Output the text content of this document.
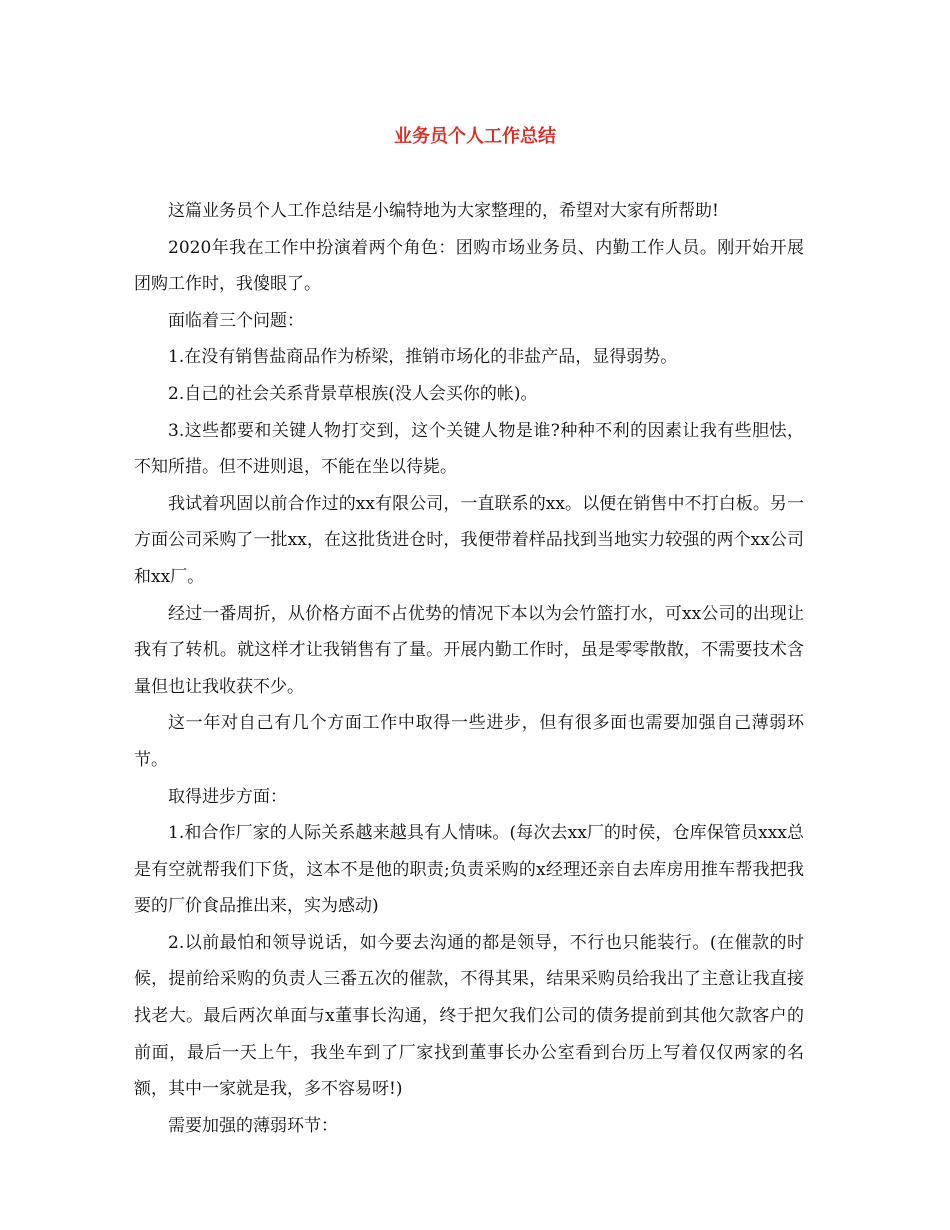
业务员个人工作总结

这篇业务员个人工作总结是小编特地为大家整理的，希望对大家有所帮助!

2020年我在工作中扮演着两个角色：团购市场业务员、内勤工作人员。刚开始开展团购工作时，我傻眼了。

面临着三个问题：

1.在没有销售盐商品作为桥梁，推销市场化的非盐产品，显得弱势。

2.自己的社会关系背景草根族(没人会买你的帐)。

3.这些都要和关键人物打交到，这个关键人物是谁?种种不利的因素让我有些胆怯，不知所措。但不进则退，不能在坐以待毙。

我试着巩固以前合作过的xx有限公司，一直联系的xx。以便在销售中不打白板。另一方面公司采购了一批xx，在这批货进仓时，我便带着样品找到当地实力较强的两个xx公司和xx厂。

经过一番周折，从价格方面不占优势的情况下本以为会竹篮打水，可xx公司的出现让我有了转机。就这样才让我销售有了量。开展内勤工作时，虽是零零散散，不需要技术含量但也让我收获不少。

这一年对自己有几个方面工作中取得一些进步，但有很多面也需要加强自己薄弱环节。

取得进步方面：

1.和合作厂家的人际关系越来越具有人情味。(每次去xx厂的时侯，仓库保管员xxx总是有空就帮我们下货，这本不是他的职责;负责采购的x经理还亲自去库房用推车帮我把我要的厂价食品推出来，实为感动)

2.以前最怕和领导说话，如今要去沟通的都是领导，不行也只能装行。(在催款的时候，提前给采购的负责人三番五次的催款，不得其果，结果采购员给我出了主意让我直接找老大。最后两次单面与x董事长沟通，终于把欠我们公司的债务提前到其他欠款客户的前面，最后一天上午，我坐车到了厂家找到董事长办公室看到台历上写着仅仅两家的名额，其中一家就是我，多不容易呀!)

需要加强的薄弱环节：
